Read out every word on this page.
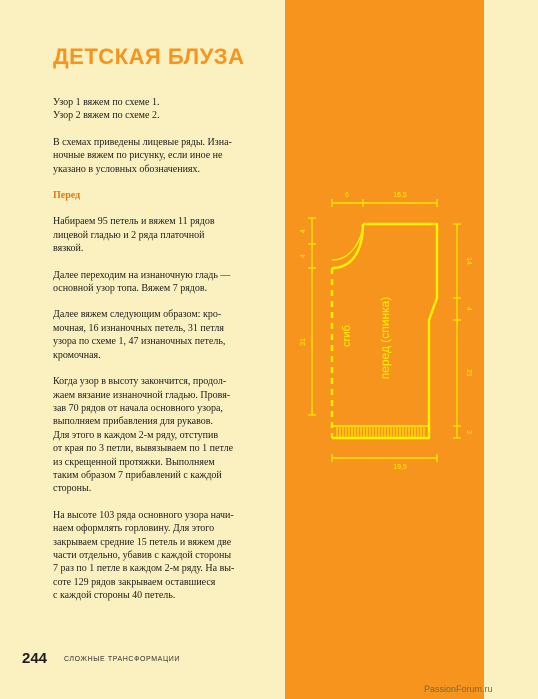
ДЕТСКАЯ БЛУЗА

Узор 1 вяжем по схеме 1.
Узор 2 вяжем по схеме 2.

В схемах приведены лицевые ряды. Изна-
ночные вяжем по рисунку, если иное не
указано в условных обозначениях.

Перед

Набираем 95 петель и вяжем 11 рядов
лицевой гладью и 2 ряда платочной
вязкой.

Далее переходим на изнаночную гладь —
основной узор топа. Вяжем 7 рядов.

Далее вяжем следующим образом: кро-
мочная, 16 изнаночных петель, 31 петля
узора по схеме 1, 47 изнаночных петель,
кромочная.

Когда узор в высоту закончится, продол-
жаем вязание изнаночной гладью. Провя-
зав 70 рядов от начала основного узора,
выполняем прибавления для рукавов.
Для этого в каждом 2-м ряду, отступив
от края по 3 петли, вывязываем по 1 петле
из скрещенной протяжки. Выполняем
таким образом 7 прибавлений с каждой
стороны.

На высоте 103 ряда основного узора начи-
наем оформлять горловину. Для этого
закрываем средние 15 петель и вяжем две
части отдельно, убавив с каждой стороны
7 раз по 1 петле в каждом 2-м ряду. На вы-
соте 129 рядов закрываем оставшиеся
с каждой стороны 40 петель.

6	16,5
19,5
4
4
31
14
4
21
3
сгиб перед (спинка)
244 СЛОЖНЫЕ ТРАНСФОРМАЦИИ
PassionForum.ru
